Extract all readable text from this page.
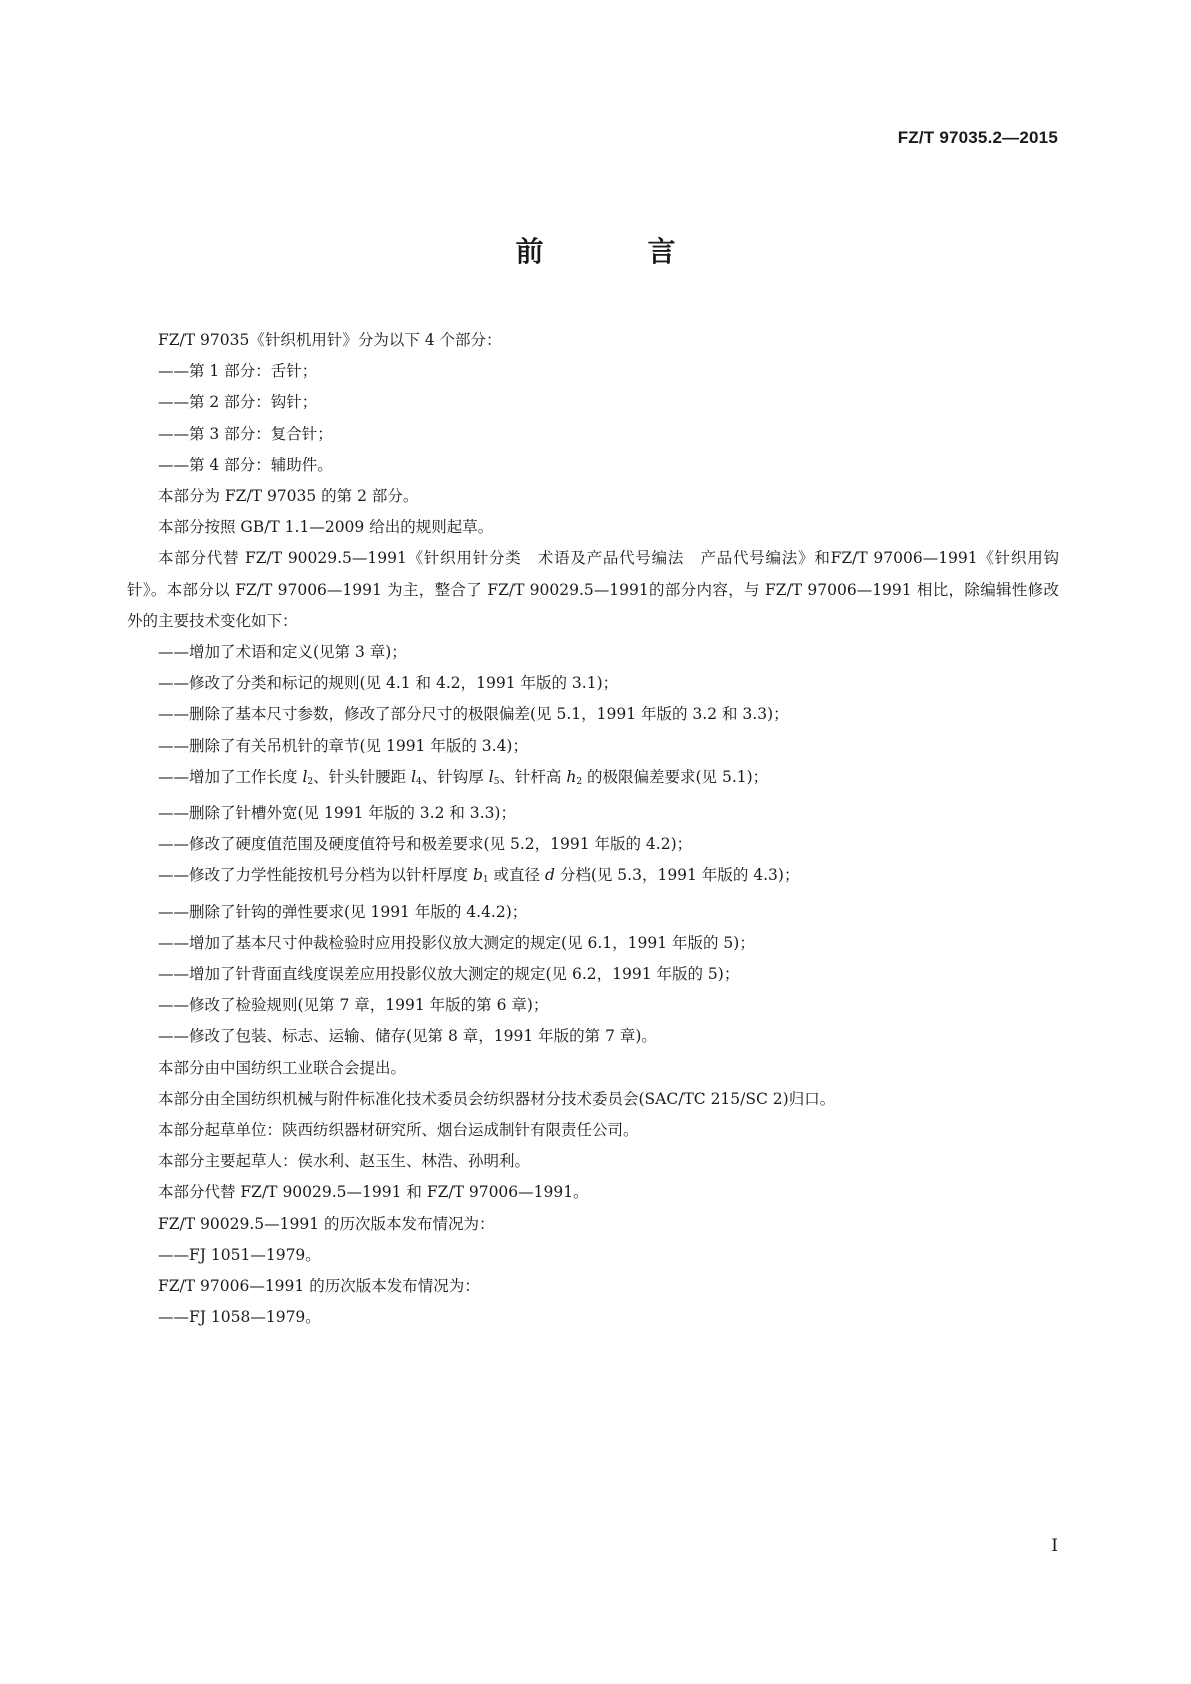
FZ/T 97035.2—2015
前　言

FZ/T 97035《针织机用针》分为以下 4 个部分：

——第 1 部分：舌针；

——第 2 部分：钩针；

——第 3 部分：复合针；

——第 4 部分：辅助件。

本部分为 FZ/T 97035 的第 2 部分。

本部分按照 GB/T 1.1—2009 给出的规则起草。

本部分代替 FZ/T 90029.5—1991《针织用针分类　术语及产品代号编法　产品代号编法》和FZ/T 97006—1991《针织用钩针》。本部分以 FZ/T 97006—1991 为主，整合了 FZ/T 90029.5—1991的部分内容，与 FZ/T 97006—1991 相比，除编辑性修改外的主要技术变化如下：

——增加了术语和定义(见第 3 章)；

——修改了分类和标记的规则(见 4.1 和 4.2，1991 年版的 3.1)；

——删除了基本尺寸参数，修改了部分尺寸的极限偏差(见 5.1，1991 年版的 3.2 和 3.3)；

——删除了有关吊机针的章节(见 1991 年版的 3.4)；

——增加了工作长度 $l_2$、针头针腰距 $l_4$、针钩厚 $l_5$、针杆高 $h_2$ 的极限偏差要求(见 5.1)；

——删除了针槽外宽(见 1991 年版的 3.2 和 3.3)；

——修改了硬度值范围及硬度值符号和极差要求(见 5.2，1991 年版的 4.2)；

——修改了力学性能按机号分档为以针杆厚度 $b_1$ 或直径 d 分档(见 5.3，1991 年版的 4.3)；

——删除了针钩的弹性要求(见 1991 年版的 4.4.2)；

——增加了基本尺寸仲裁检验时应用投影仪放大测定的规定(见 6.1，1991 年版的 5)；

——增加了针背面直线度误差应用投影仪放大测定的规定(见 6.2，1991 年版的 5)；

——修改了检验规则(见第 7 章，1991 年版的第 6 章)；

——修改了包装、标志、运输、储存(见第 8 章，1991 年版的第 7 章)。

本部分由中国纺织工业联合会提出。

本部分由全国纺织机械与附件标准化技术委员会纺织器材分技术委员会(SAC/TC 215/SC 2)归口。

本部分起草单位：陕西纺织器材研究所、烟台运成制针有限责任公司。

本部分主要起草人：侯水利、赵玉生、林浩、孙明利。

本部分代替 FZ/T 90029.5—1991 和 FZ/T 97006—1991。

FZ/T 90029.5—1991 的历次版本发布情况为：

——FJ 1051—1979。

FZ/T 97006—1991 的历次版本发布情况为：

——FJ 1058—1979。

I
